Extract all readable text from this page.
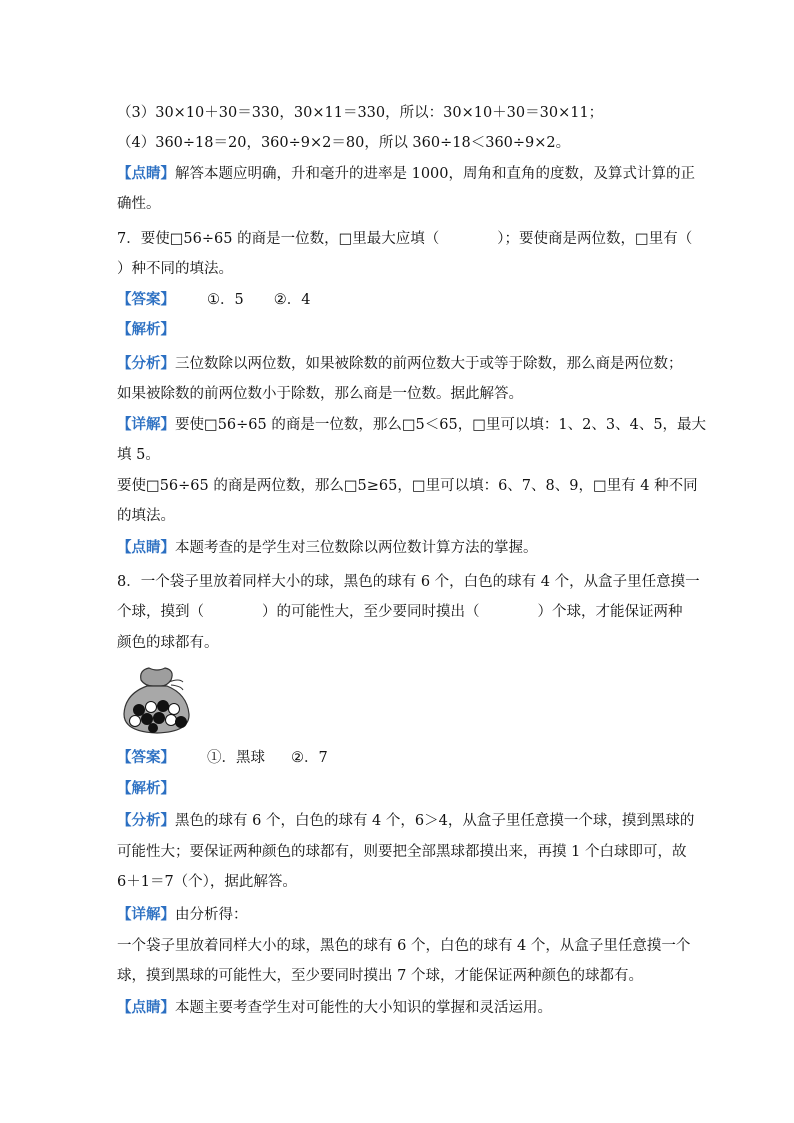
（3）30×10＋30＝330，30×11＝330，所以：30×10＋30＝30×11；
（4）360÷18＝20，360÷9×2＝80，所以 360÷18＜360÷9×2。
【点睛】解答本题应明确，升和毫升的进率是 1000，周角和直角的度数，及算式计算的正
确性。
7．要使□56÷65 的商是一位数，□里最大应填（　　　　）；要使商是两位数，□里有（
）种不同的填法。
【答案】 ①．5 ②．4
【解析】
【分析】三位数除以两位数，如果被除数的前两位数大于或等于除数，那么商是两位数；
如果被除数的前两位数小于除数，那么商是一位数。据此解答。
【详解】要使□56÷65 的商是一位数，那么□5＜65，□里可以填：1、2、3、4、5，最大
填 5。
要使□56÷65 的商是两位数，那么□5≥65，□里可以填：6、7、8、9，□里有 4 种不同
的填法。
【点睛】本题考查的是学生对三位数除以两位数计算方法的掌握。
8．一个袋子里放着同样大小的球，黑色的球有 6 个，白色的球有 4 个，从盒子里任意摸一
个球，摸到（　　　　）的可能性大，至少要同时摸出（　　　　）个球，才能保证两种
颜色的球都有。
【答案】 ①．黑球 ②．7
【解析】
【分析】黑色的球有 6 个，白色的球有 4 个，6＞4，从盒子里任意摸一个球，摸到黑球的
可能性大；要保证两种颜色的球都有，则要把全部黑球都摸出来，再摸 1 个白球即可，故
6＋1＝7（个），据此解答。
【详解】由分析得：
一个袋子里放着同样大小的球，黑色的球有 6 个，白色的球有 4 个，从盒子里任意摸一个
球，摸到黑球的可能性大，至少要同时摸出 7 个球，才能保证两种颜色的球都有。
【点睛】本题主要考查学生对可能性的大小知识的掌握和灵活运用。
